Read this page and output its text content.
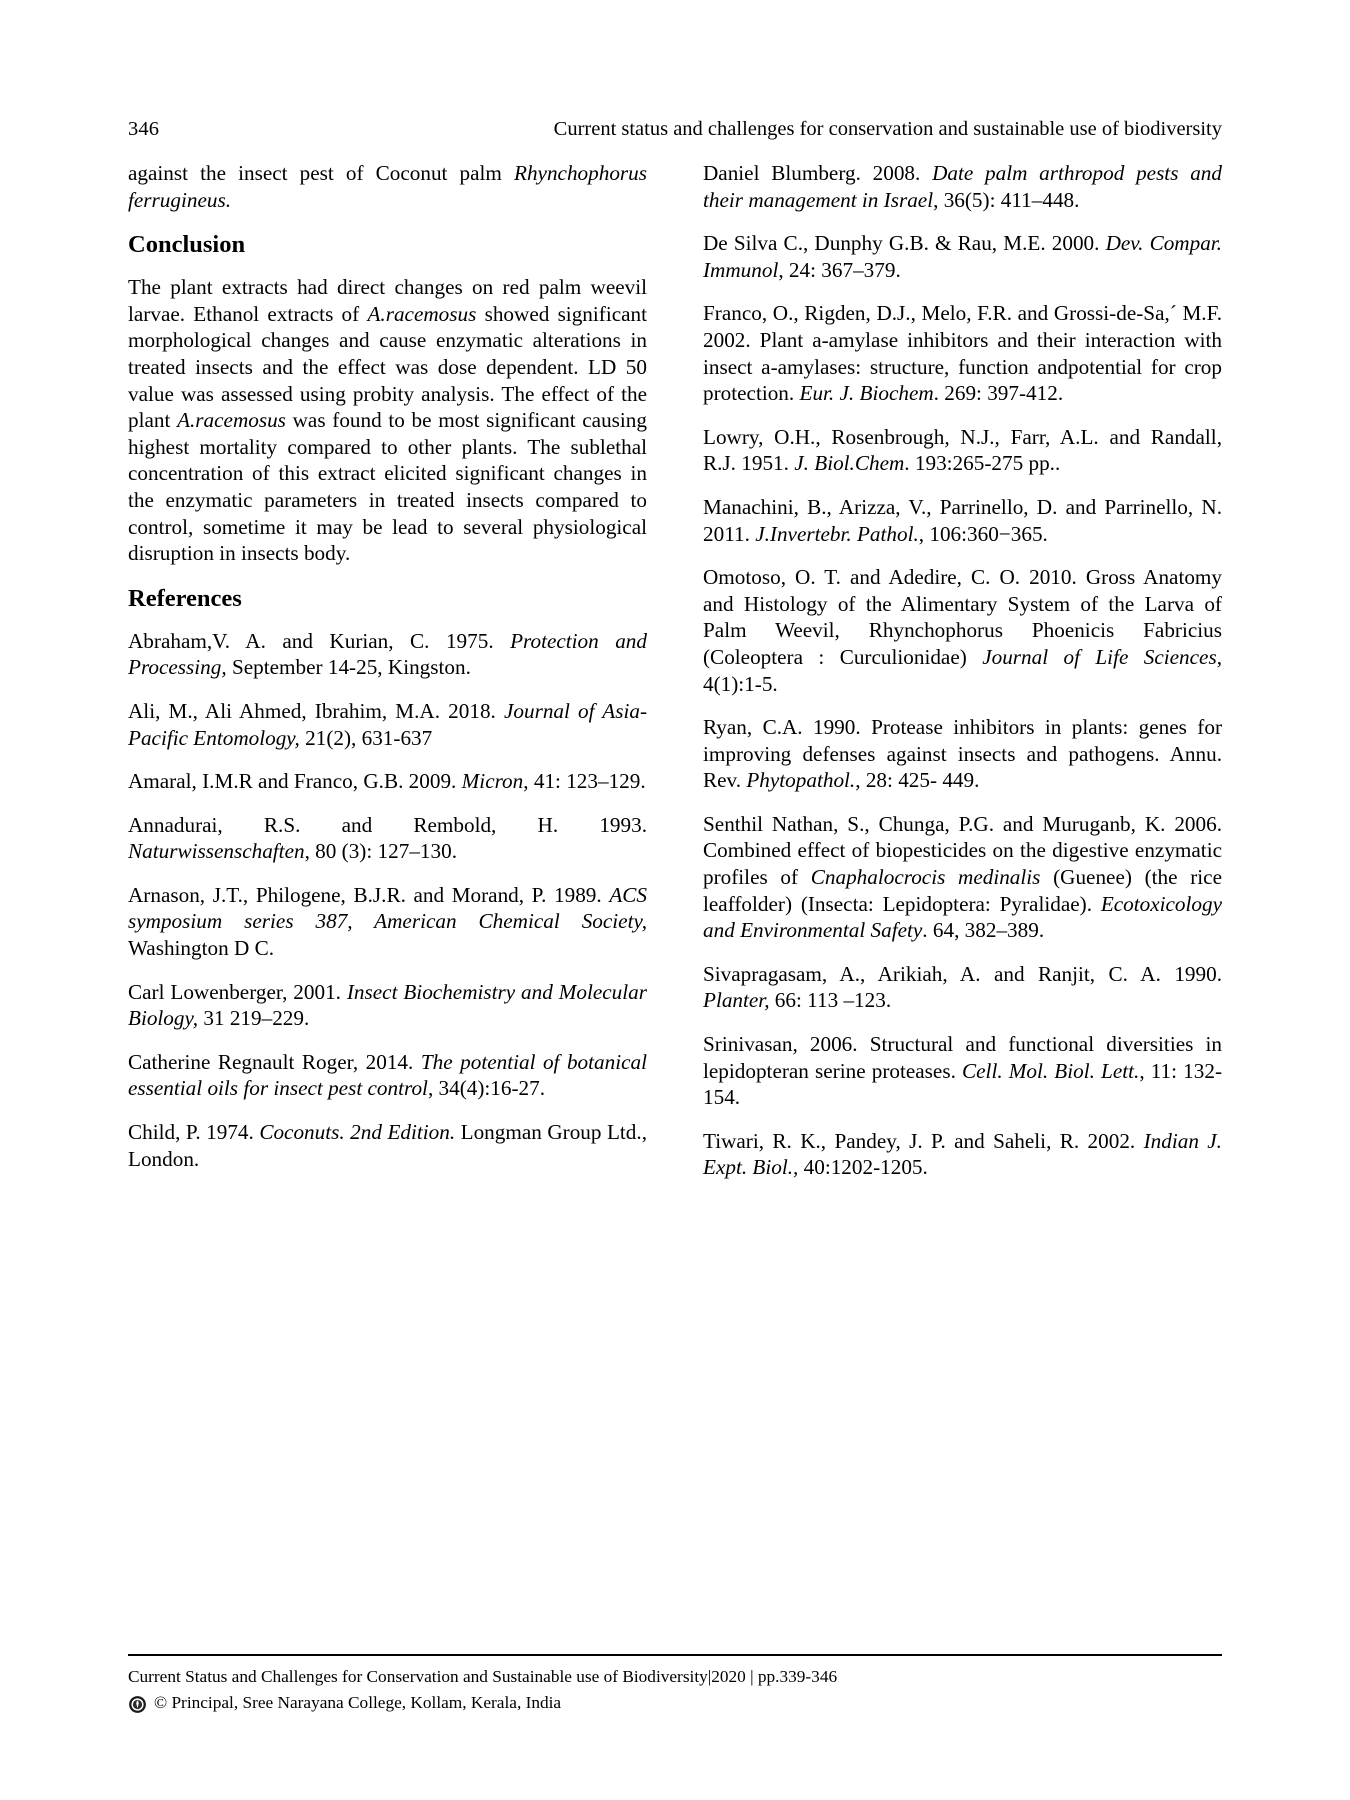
346	Current status and challenges for conservation and sustainable use of biodiversity

against the insect pest of Coconut palm Rhynchophorus ferrugineus.

Conclusion

The plant extracts had direct changes on red palm weevil larvae. Ethanol extracts of A.racemosus showed significant morphological changes and cause enzymatic alterations in treated insects and the effect was dose dependent. LD 50 value was assessed using probity analysis. The effect of the plant A.racemosus was found to be most significant causing highest mortality compared to other plants. The sublethal concentration of this extract elicited significant changes in the enzymatic parameters in treated insects compared to control, sometime it may be lead to several physiological disruption in insects body.

References

Abraham,V. A. and Kurian, C. 1975. Protection and Processing, September 14-25, Kingston.

Ali, M., Ali Ahmed, Ibrahim, M.A. 2018. Journal of Asia-Pacific Entomology, 21(2), 631-637

Amaral, I.M.R and Franco, G.B. 2009. Micron, 41: 123–129.

Annadurai, R.S. and Rembold, H. 1993. Naturwissenschaften, 80 (3): 127–130.

Arnason, J.T., Philogene, B.J.R. and Morand, P. 1989. ACS symposium series 387, American Chemical Society, Washington D C.

Carl Lowenberger, 2001. Insect Biochemistry and Molecular Biology, 31 219–229.

Catherine Regnault Roger, 2014. The potential of botanical essential oils for insect pest control, 34(4):16-27.

Child, P. 1974. Coconuts. 2nd Edition. Longman Group Ltd., London.

Daniel Blumberg. 2008. Date palm arthropod pests and their management in Israel, 36(5): 411–448.

De Silva C., Dunphy G.B. & Rau, M.E. 2000. Dev. Compar. Immunol, 24: 367–379.

Franco, O., Rigden, D.J., Melo, F.R. and Grossi-de-Sa,´ M.F. 2002. Plant a-amylase inhibitors and their interaction with insect a-amylases: structure, function andpotential for crop protection. Eur. J. Biochem. 269: 397-412.

Lowry, O.H., Rosenbrough, N.J., Farr, A.L. and Randall, R.J. 1951. J. Biol.Chem. 193:265-275 pp..

Manachini, B., Arizza, V., Parrinello, D. and Parrinello, N. 2011. J.Invertebr. Pathol., 106:360−365.

Omotoso, O. T. and Adedire, C. O. 2010. Gross Anatomy and Histology of the Alimentary System of the Larva of Palm Weevil, Rhynchophorus Phoenicis Fabricius (Coleoptera : Curculionidae) Journal of Life Sciences, 4(1):1-5.

Ryan, C.A. 1990. Protease inhibitors in plants: genes for improving defenses against insects and pathogens. Annu. Rev. Phytopathol., 28: 425- 449.

Senthil Nathan, S., Chunga, P.G. and Muruganb, K. 2006. Combined effect of biopesticides on the digestive enzymatic profiles of Cnaphalocrocis medinalis (Guenee) (the rice leaffolder) (Insecta: Lepidoptera: Pyralidae). Ecotoxicology and Environmental Safety. 64, 382–389.

Sivapragasam, A., Arikiah, A. and Ranjit, C. A. 1990. Planter, 66: 113 –123.

Srinivasan, 2006. Structural and functional diversities in lepidopteran serine proteases. Cell. Mol. Biol. Lett., 11: 132-154.

Tiwari, R. K., Pandey, J. P. and Saheli, R. 2002. Indian J. Expt. Biol., 40:1202-1205.

Current Status and Challenges for Conservation and Sustainable use of Biodiversity|2020 | pp.339-346
© Principal, Sree Narayana College, Kollam, Kerala, India
